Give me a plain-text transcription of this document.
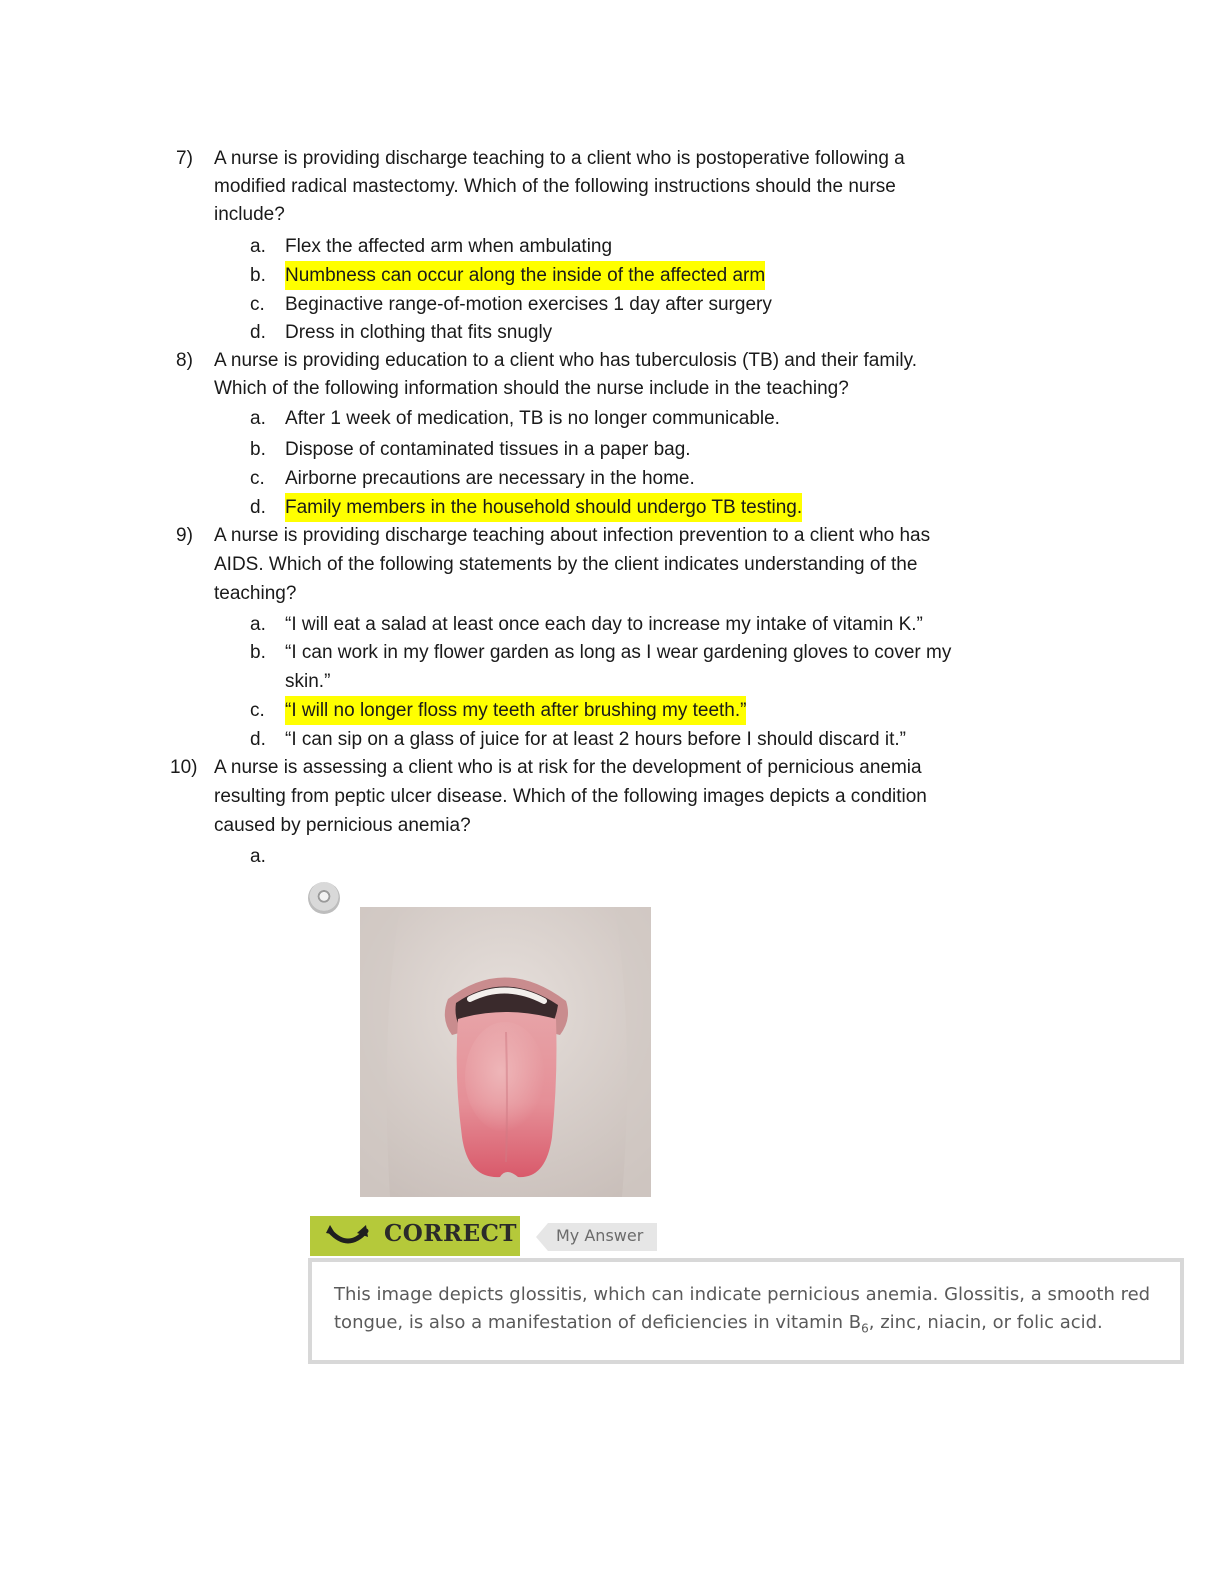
7) A nurse is providing discharge teaching to a client who is postoperative following a
modified radical mastectomy. Which of the following instructions should the nurse
include?
a. Flex the affected arm when ambulating
b. Numbness can occur along the inside of the affected arm
c. Beginactive range-of-motion exercises 1 day after surgery
d. Dress in clothing that fits snugly
8) A nurse is providing education to a client who has tuberculosis (TB) and their family.
Which of the following information should the nurse include in the teaching?
a. After 1 week of medication, TB is no longer communicable.
b. Dispose of contaminated tissues in a paper bag.
c. Airborne precautions are necessary in the home.
d. Family members in the household should undergo TB testing.
9) A nurse is providing discharge teaching about infection prevention to a client who has
AIDS. Which of the following statements by the client indicates understanding of the
teaching?
a. “I will eat a salad at least once each day to increase my intake of vitamin K.”
b. “I can work in my flower garden as long as I wear gardening gloves to cover my
skin.”
c. “I will no longer floss my teeth after brushing my teeth.”
d. “I can sip on a glass of juice for at least 2 hours before I should discard it.”
10) A nurse is assessing a client who is at risk for the development of pernicious anemia
resulting from peptic ulcer disease. Which of the following images depicts a condition
caused by pernicious anemia?
a.
CORRECT My Answer
This image depicts glossitis, which can indicate pernicious anemia. Glossitis, a smooth red
tongue, is also a manifestation of deficiencies in vitamin $B_6$, zinc, niacin, or folic acid.
